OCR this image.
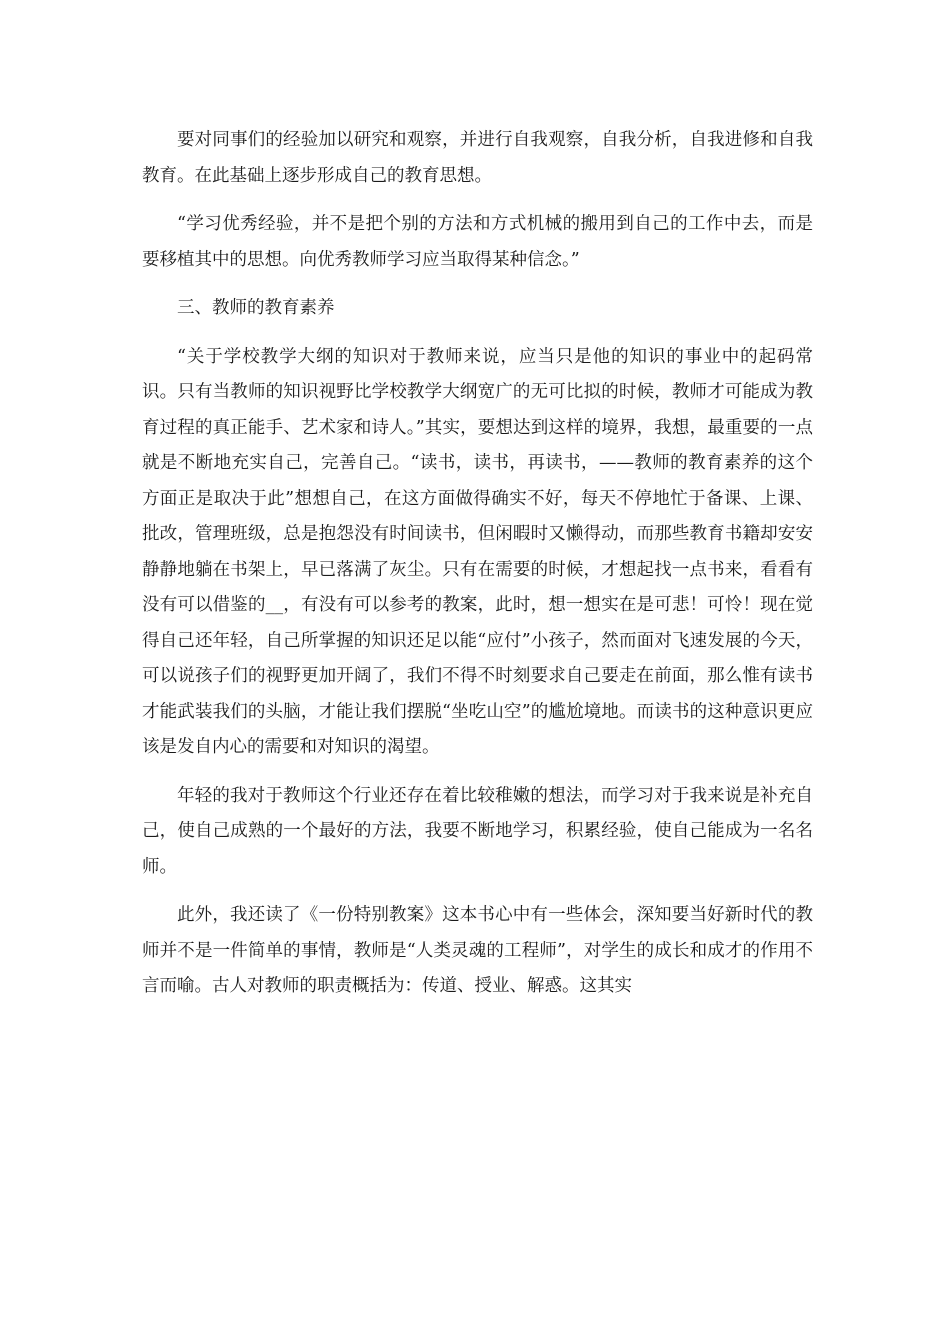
要对同事们的经验加以研究和观察，并进行自我观察，自我分析，自我进修和自我教育。在此基础上逐步形成自己的教育思想。

“学习优秀经验，并不是把个别的方法和方式机械的搬用到自己的工作中去，而是要移植其中的思想。向优秀教师学习应当取得某种信念。”

三、教师的教育素养

“关于学校教学大纲的知识对于教师来说，应当只是他的知识的事业中的起码常识。只有当教师的知识视野比学校教学大纲宽广的无可比拟的时候，教师才可能成为教育过程的真正能手、艺术家和诗人。”其实，要想达到这样的境界，我想，最重要的一点就是不断地充实自己，完善自己。“读书，读书，再读书，——教师的教育素养的这个方面正是取决于此”想想自己，在这方面做得确实不好，每天不停地忙于备课、上课、批改，管理班级，总是抱怨没有时间读书，但闲暇时又懒得动，而那些教育书籍却安安静静地躺在书架上，早已落满了灰尘。只有在需要的时候，才想起找一点书来，看看有没有可以借鉴的__，有没有可以参考的教案，此时，想一想实在是可悲！可怜！现在觉得自己还年轻，自己所掌握的知识还足以能“应付”小孩子，然而面对飞速发展的今天，可以说孩子们的视野更加开阔了，我们不得不时刻要求自己要走在前面，那么惟有读书才能武装我们的头脑，才能让我们摆脱“坐吃山空”的尴尬境地。而读书的这种意识更应该是发自内心的需要和对知识的渴望。

年轻的我对于教师这个行业还存在着比较稚嫩的想法，而学习对于我来说是补充自己，使自己成熟的一个最好的方法，我要不断地学习，积累经验，使自己能成为一名名师。

此外，我还读了《一份特别教案》这本书心中有一些体会，深知要当好新时代的教师并不是一件简单的事情，教师是“人类灵魂的工程师”，对学生的成长和成才的作用不言而喻。古人对教师的职责概括为：传道、授业、解惑。这其实
